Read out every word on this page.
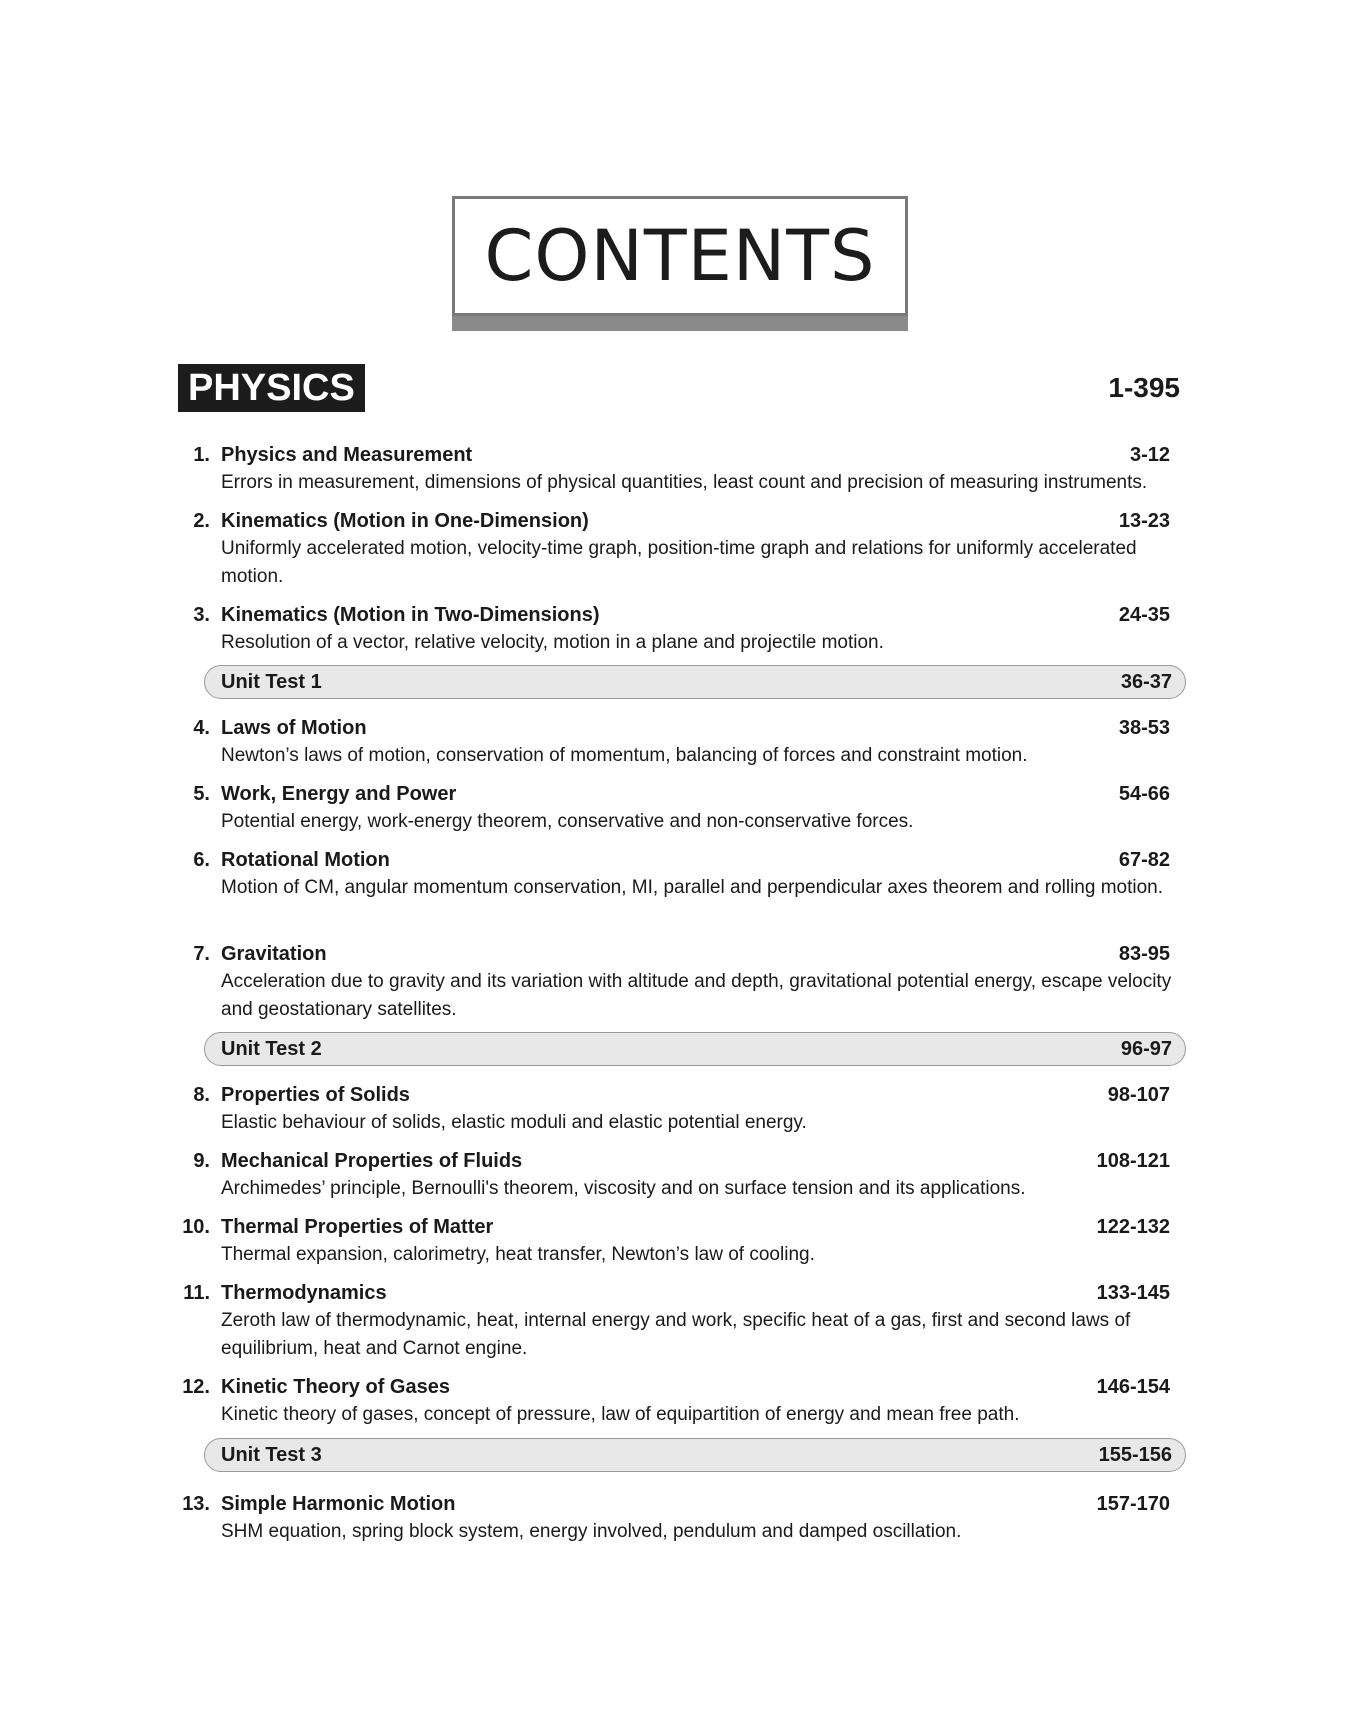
CONTENTS
PHYSICS	1-395
1. Physics and Measurement	3-12
Errors in measurement, dimensions of physical quantities, least count and precision of measuring instruments.
2. Kinematics (Motion in One-Dimension)	13-23
Uniformly accelerated motion, velocity-time graph, position-time graph and relations for uniformly accelerated motion.
3. Kinematics (Motion in Two-Dimensions)	24-35
Resolution of a vector, relative velocity, motion in a plane and projectile motion.
Unit Test 1	36-37
4. Laws of Motion	38-53
Newton’s laws of motion, conservation of momentum, balancing of forces and constraint motion.
5. Work, Energy and Power	54-66
Potential energy, work-energy theorem, conservative and non-conservative forces.
6. Rotational Motion	67-82
Motion of CM, angular momentum conservation, MI, parallel and perpendicular axes theorem and rolling motion.
7. Gravitation	83-95
Acceleration due to gravity and its variation with altitude and depth, gravitational potential energy, escape velocity and geostationary satellites.
Unit Test 2	96-97
8. Properties of Solids	98-107
Elastic behaviour of solids, elastic moduli and elastic potential energy.
9. Mechanical Properties of Fluids	108-121
Archimedes’ principle, Bernoulli's theorem, viscosity and on surface tension and its applications.
10. Thermal Properties of Matter	122-132
Thermal expansion, calorimetry, heat transfer, Newton’s law of cooling.
11. Thermodynamics	133-145
Zeroth law of thermodynamic, heat, internal energy and work, specific heat of a gas, first and second laws of equilibrium, heat and Carnot engine.
12. Kinetic Theory of Gases	146-154
Kinetic theory of gases, concept of pressure, law of equipartition of energy and mean free path.
Unit Test 3	155-156
13. Simple Harmonic Motion	157-170
SHM equation, spring block system, energy involved, pendulum and damped oscillation.
